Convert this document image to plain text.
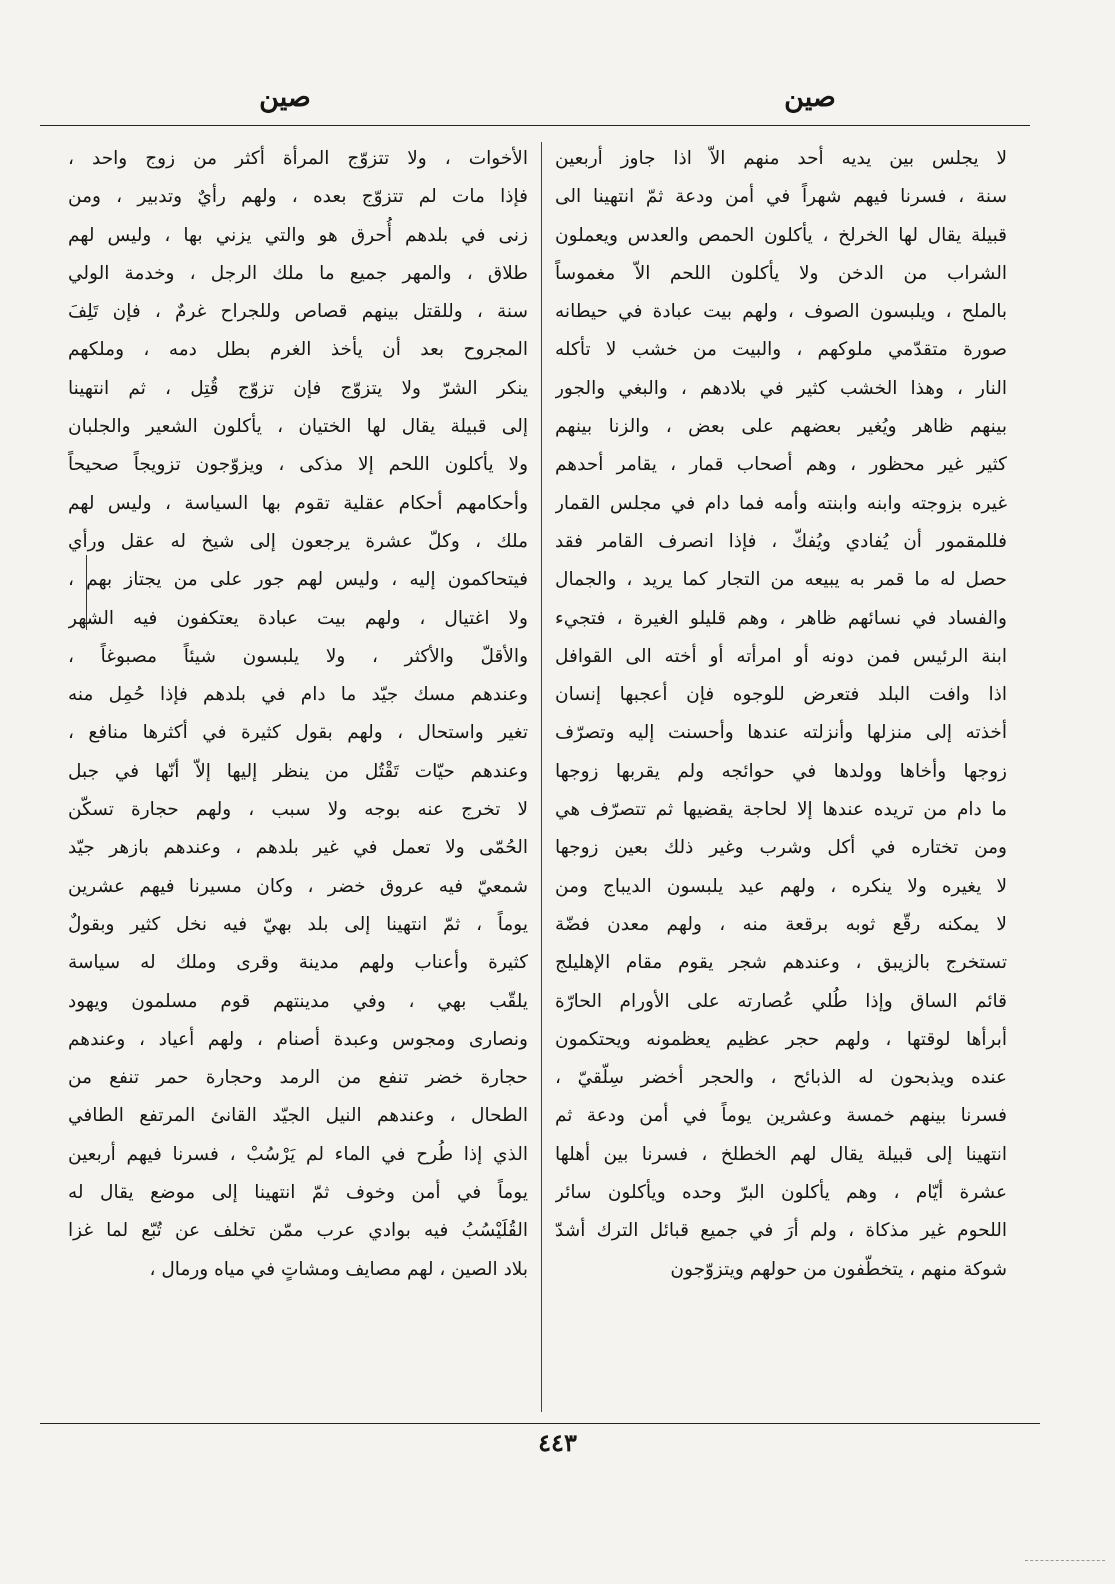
صين
صين
لا يجلس بين يديه أحد منهم الاّ اذا جاوز أربعين
سنة ، فسرنا فيهم شهراً في أمن ودعة ثمّ انتهينا الى
قبيلة يقال لها الخرلخ ، يأكلون الحمص والعدس ويعملون
الشراب من الدخن ولا يأكلون اللحم الاّ مغموساً
بالملح ، ويلبسون الصوف ، ولهم بيت عبادة في حيطانه
صورة متقدّمي ملوكهم ، والبيت من خشب لا تأكله
النار ، وهذا الخشب كثير في بلادهم ، والبغي والجور
بينهم ظاهر ويُغير بعضهم على بعض ، والزنا بينهم
كثير غير محظور ، وهم أصحاب قمار ، يقامر أحدهم
غيره بزوجته وابنه وابنته وأمه فما دام في مجلس القمار
فللمقمور أن يُفادي ويُفكّ ، فإذا انصرف القامر فقد
حصل له ما قمر به يبيعه من التجار كما يريد ، والجمال
والفساد في نسائهم ظاهر ، وهم قليلو الغيرة ، فتجيء
ابنة الرئيس فمن دونه أو امرأته أو أخته الى القوافل
اذا وافت البلد فتعرض للوجوه فإن أعجبها إنسان
أخذته إلى منزلها وأنزلته عندها وأحسنت إليه وتصرّف
زوجها وأخاها وولدها في حوائجه ولم يقربها زوجها
ما دام من تريده عندها إلا لحاجة يقضيها ثم تتصرّف هي
ومن تختاره في أكل وشرب وغير ذلك بعين زوجها
لا يغيره ولا ينكره ، ولهم عيد يلبسون الديباج ومن
لا يمكنه رقّع ثوبه برقعة منه ، ولهم معدن فضّة
تستخرج بالزيبق ، وعندهم شجر يقوم مقام الإهليلج
قائم الساق وإذا طُلي عُصارته على الأورام الحارّة
أبرأها لوقتها ، ولهم حجر عظيم يعظمونه ويحتكمون
عنده ويذبحون له الذبائح ، والحجر أخضر سِلّقيّ ،
فسرنا بينهم خمسة وعشرين يوماً في أمن ودعة ثم
انتهينا إلى قبيلة يقال لهم الخطلخ ، فسرنا بين أهلها
عشرة أيّام ، وهم يأكلون البرّ وحده ويأكلون سائر
اللحوم غير مذكاة ، ولم أرَ في جميع قبائل الترك أشدّ
شوكة منهم ، يتخطّفون من حولهم ويتزوّجون
الأخوات ، ولا تتزوّج المرأة أكثر من زوج واحد ،
فإذا مات لم تتزوّج بعده ، ولهم رأيٌ وتدبير ، ومن
زنى في بلدهم أُحرق هو والتي يزني بها ، وليس لهم
طلاق ، والمهر جميع ما ملك الرجل ، وخدمة الولي
سنة ، وللقتل بينهم قصاص وللجراح غرمٌ ، فإن تَلِفَ
المجروح بعد أن يأخذ الغرم بطل دمه ، وملكهم
ينكر الشرّ ولا يتزوّج فإن تزوّج قُتِل ، ثم انتهينا
إلى قبيلة يقال لها الختيان ، يأكلون الشعير والجلبان
ولا يأكلون اللحم إلا مذكى ، ويزوّجون تزويجاً صحيحاً
وأحكامهم أحكام عقلية تقوم بها السياسة ، وليس لهم
ملك ، وكلّ عشرة يرجعون إلى شيخ له عقل ورأي
فيتحاكمون إليه ، وليس لهم جور على من يجتاز بهم ،
ولا اغتيال ، ولهم بيت عبادة يعتكفون فيه الشهر
والأقلّ والأكثر ، ولا يلبسون شيئاً مصبوغاً ،
وعندهم مسك جيّد ما دام في بلدهم فإذا حُمِل منه
تغير واستحال ، ولهم بقول كثيرة في أكثرها منافع ،
وعندهم حيّات تَقْتُل من ينظر إليها إلاّ أنّها في جبل
لا تخرج عنه بوجه ولا سبب ، ولهم حجارة تسكّن
الحُمّى ولا تعمل في غير بلدهم ، وعندهم بازهر جيّد
شمعيّ فيه عروق خضر ، وكان مسيرنا فيهم عشرين
يوماً ، ثمّ انتهينا إلى بلد بهيّ فيه نخل كثير وبقولٌ
كثيرة وأعناب ولهم مدينة وقرى وملك له سياسة
يلقّب بهي ، وفي مدينتهم قوم مسلمون ويهود
ونصارى ومجوس وعبدة أصنام ، ولهم أعياد ، وعندهم
حجارة خضر تنفع من الرمد وحجارة حمر تنفع من
الطحال ، وعندهم النيل الجيّد القانئ المرتفع الطافي
الذي إذا طُرح في الماء لم يَرْسُبْ ، فسرنا فيهم أربعين
يوماً في أمن وخوف ثمّ انتهينا إلى موضع يقال له
القُلَيْسُبُ فيه بوادي عرب ممّن تخلف عن تُبّع لما غزا
بلاد الصين ، لهم مصايف ومشاتٍ في مياه ورمال ،
٤٤٣
